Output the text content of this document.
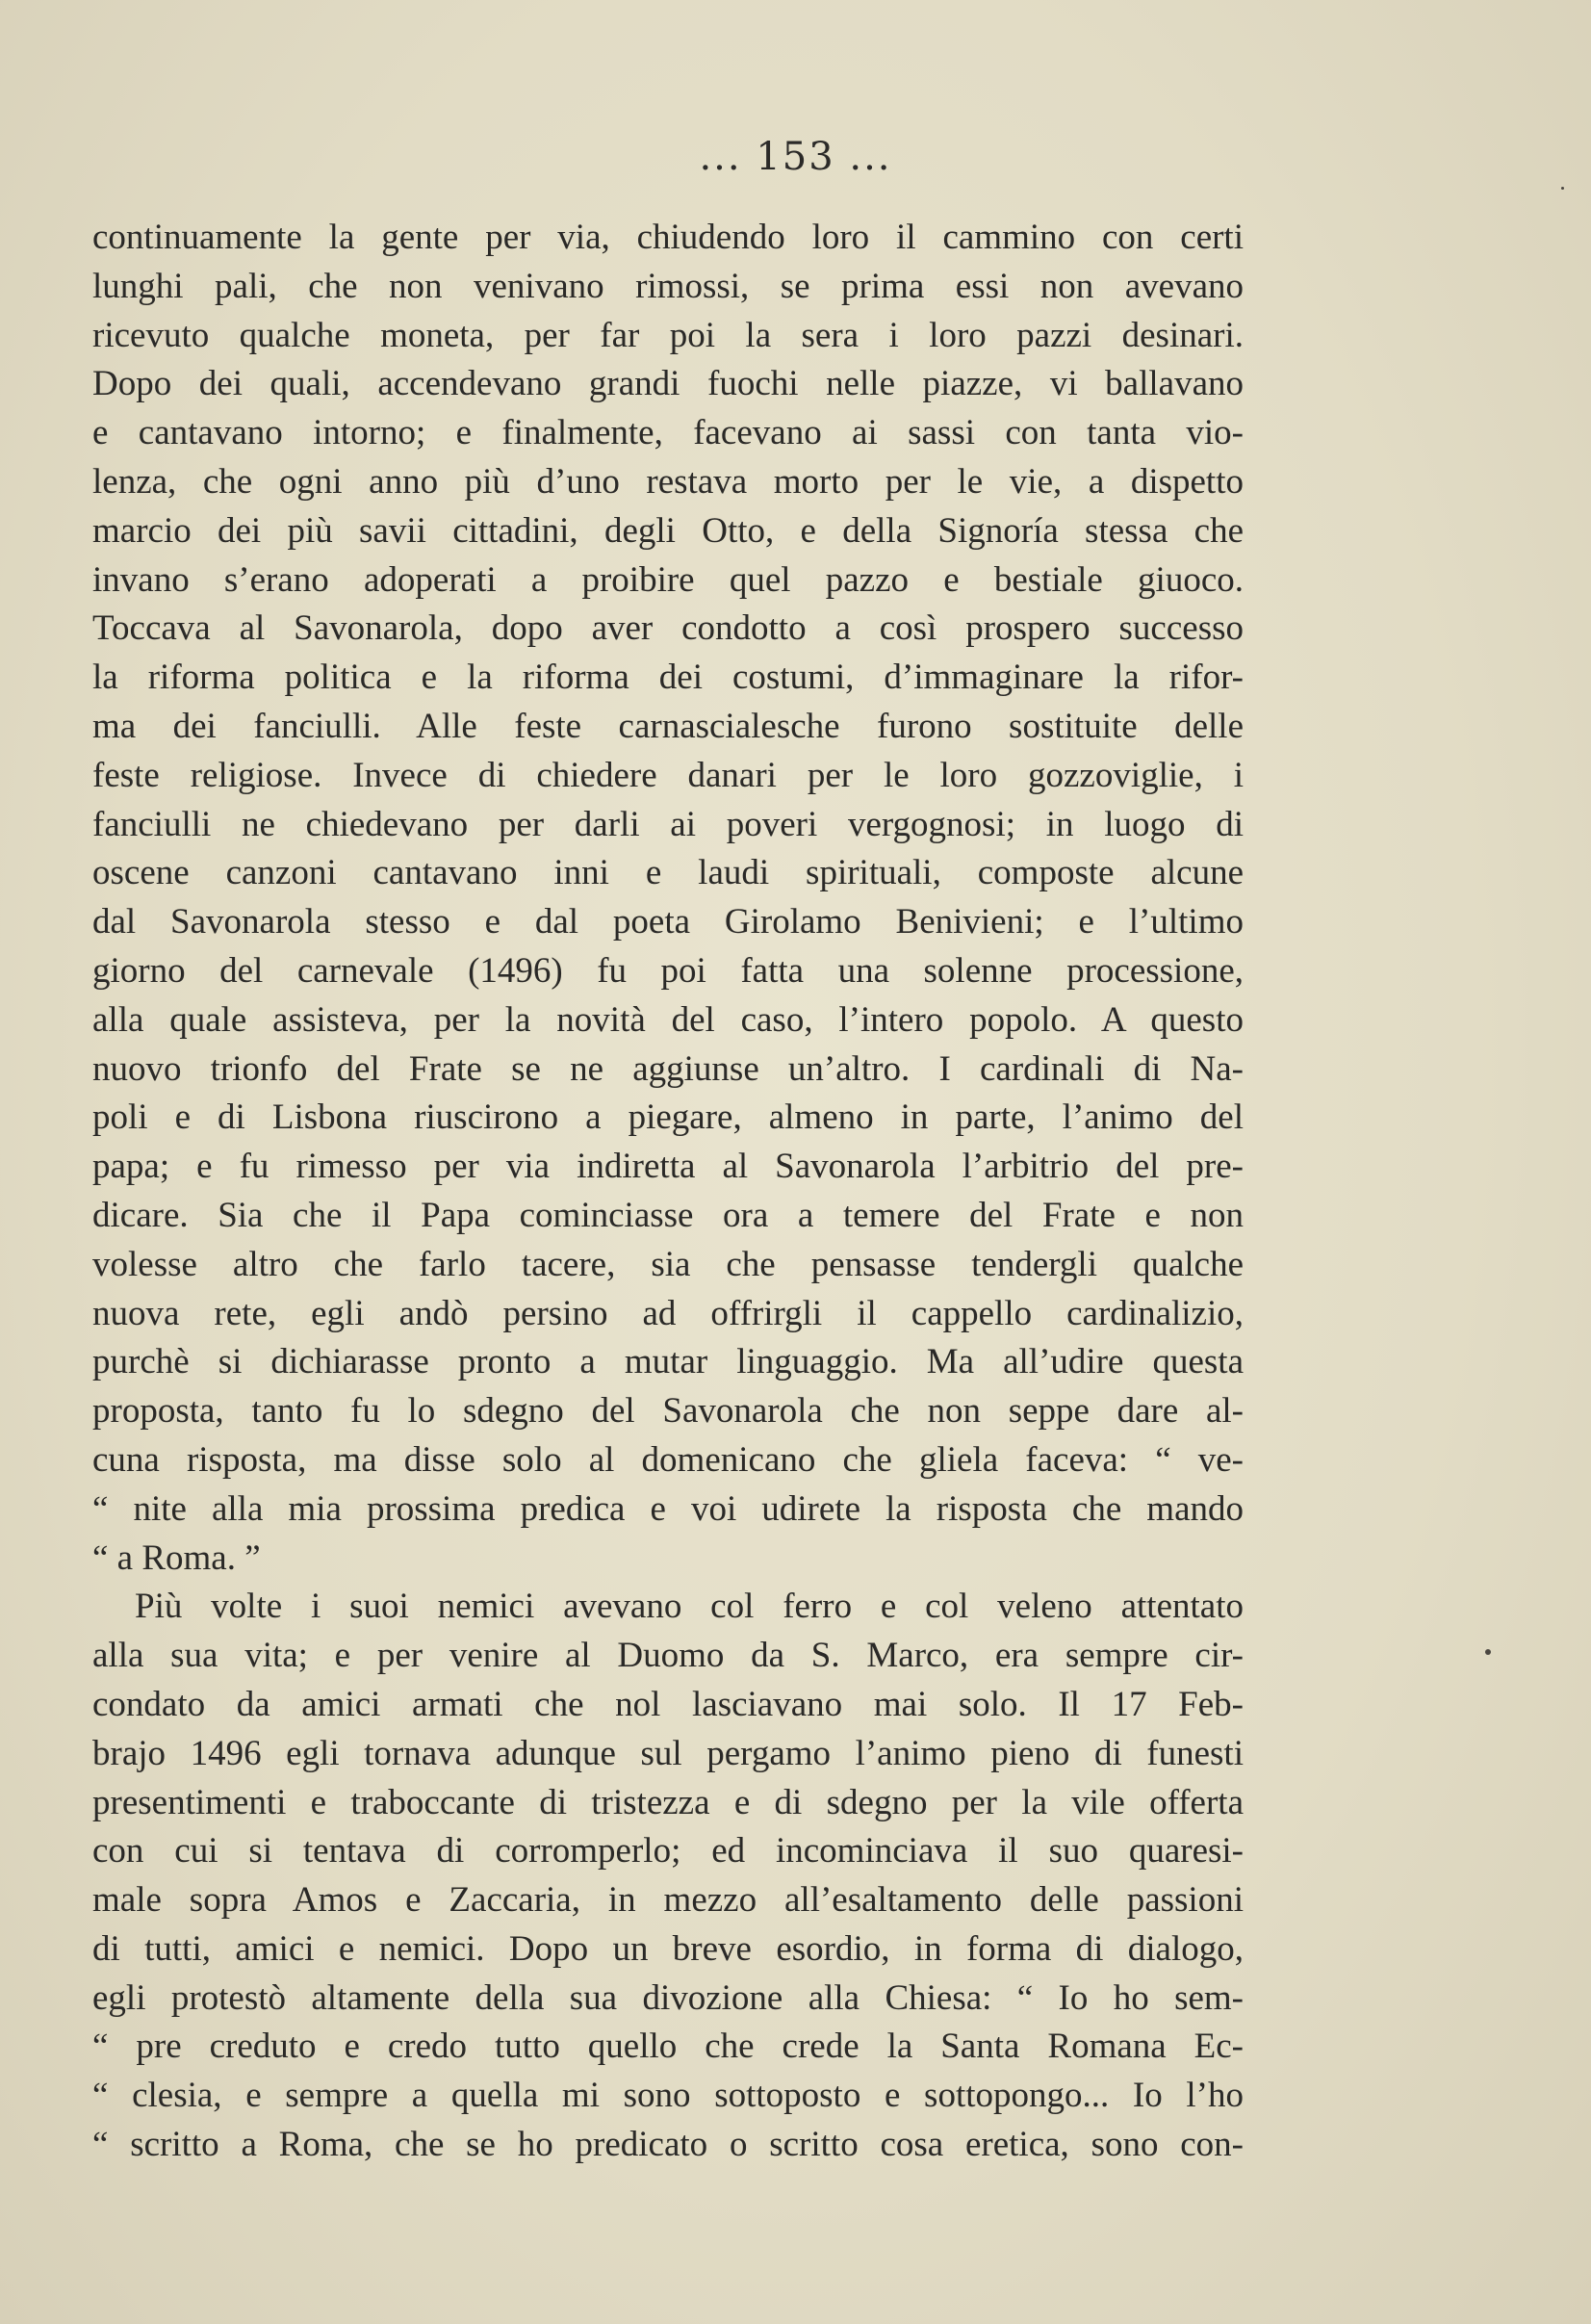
... 153 ...
continuamente la gente per via, chiudendo loro il cammino con certi
lunghi pali, che non venivano rimossi, se prima essi non avevano
ricevuto qualche moneta, per far poi la sera i loro pazzi desinari.
Dopo dei quali, accendevano grandi fuochi nelle piazze, vi ballavano
e cantavano intorno; e finalmente, facevano ai sassi con tanta vio-
lenza, che ogni anno più d’uno restava morto per le vie, a dispetto
marcio dei più savii cittadini, degli Otto, e della Signoría stessa che
invano s’erano adoperati a proibire quel pazzo e bestiale giuoco.
Toccava al Savonarola, dopo aver condotto a così prospero successo
la riforma politica e la riforma dei costumi, d’immaginare la rifor-
ma dei fanciulli. Alle feste carnascialesche furono sostituite delle
feste religiose. Invece di chiedere danari per le loro gozzoviglie, i
fanciulli ne chiedevano per darli ai poveri vergognosi; in luogo di
oscene canzoni cantavano inni e laudi spirituali, composte alcune
dal Savonarola stesso e dal poeta Girolamo Benivieni; e l’ultimo
giorno del carnevale (1496) fu poi fatta una solenne processione,
alla quale assisteva, per la novità del caso, l’intero popolo. A questo
nuovo trionfo del Frate se ne aggiunse un’altro. I cardinali di Na-
poli e di Lisbona riuscirono a piegare, almeno in parte, l’animo del
papa; e fu rimesso per via indiretta al Savonarola l’arbitrio del pre-
dicare. Sia che il Papa cominciasse ora a temere del Frate e non
volesse altro che farlo tacere, sia che pensasse tendergli qualche
nuova rete, egli andò persino ad offrirgli il cappello cardinalizio,
purchè si dichiarasse pronto a mutar linguaggio. Ma all’udire questa
proposta, tanto fu lo sdegno del Savonarola che non seppe dare al-
cuna risposta, ma disse solo al domenicano che gliela faceva: “ ve-
“ nite alla mia prossima predica e voi udirete la risposta che mando
“ a Roma. ”
Più volte i suoi nemici avevano col ferro e col veleno attentato
alla sua vita; e per venire al Duomo da S. Marco, era sempre cir-
condato da amici armati che nol lasciavano mai solo. Il 17 Feb-
brajo 1496 egli tornava adunque sul pergamo l’animo pieno di funesti
presentimenti e traboccante di tristezza e di sdegno per la vile offerta
con cui si tentava di corromperlo; ed incominciava il suo quaresi-
male sopra Amos e Zaccaria, in mezzo all’esaltamento delle passioni
di tutti, amici e nemici. Dopo un breve esordio, in forma di dialogo,
egli protestò altamente della sua divozione alla Chiesa: “ Io ho sem-
“ pre creduto e credo tutto quello che crede la Santa Romana Ec-
“ clesia, e sempre a quella mi sono sottoposto e sottopongo... Io l’ho
“ scritto a Roma, che se ho predicato o scritto cosa eretica, sono con-
